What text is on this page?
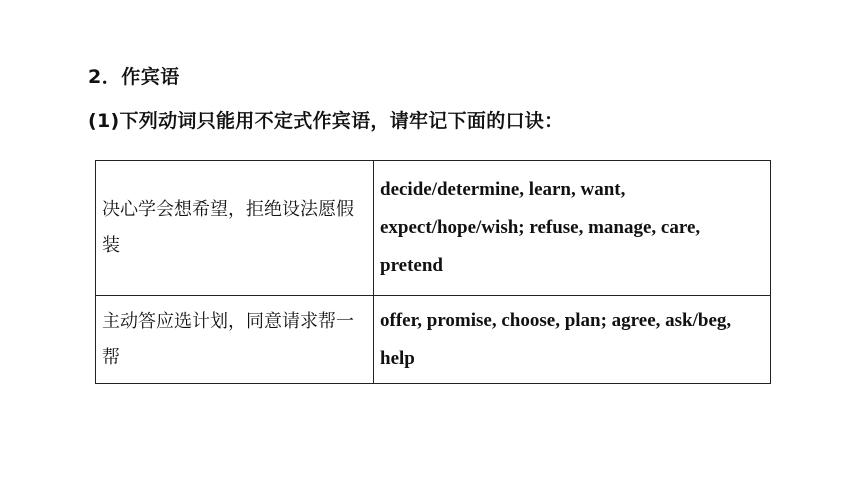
2．作宾语
(1)下列动词只能用不定式作宾语，请牢记下面的口诀：
决心学会想希望，拒绝设法愿假装	decide/determine, learn, want, expect/hope/wish; refuse, manage, care, pretend
主动答应选计划，同意请求帮一帮	offer, promise, choose, plan; agree, ask/beg, help
